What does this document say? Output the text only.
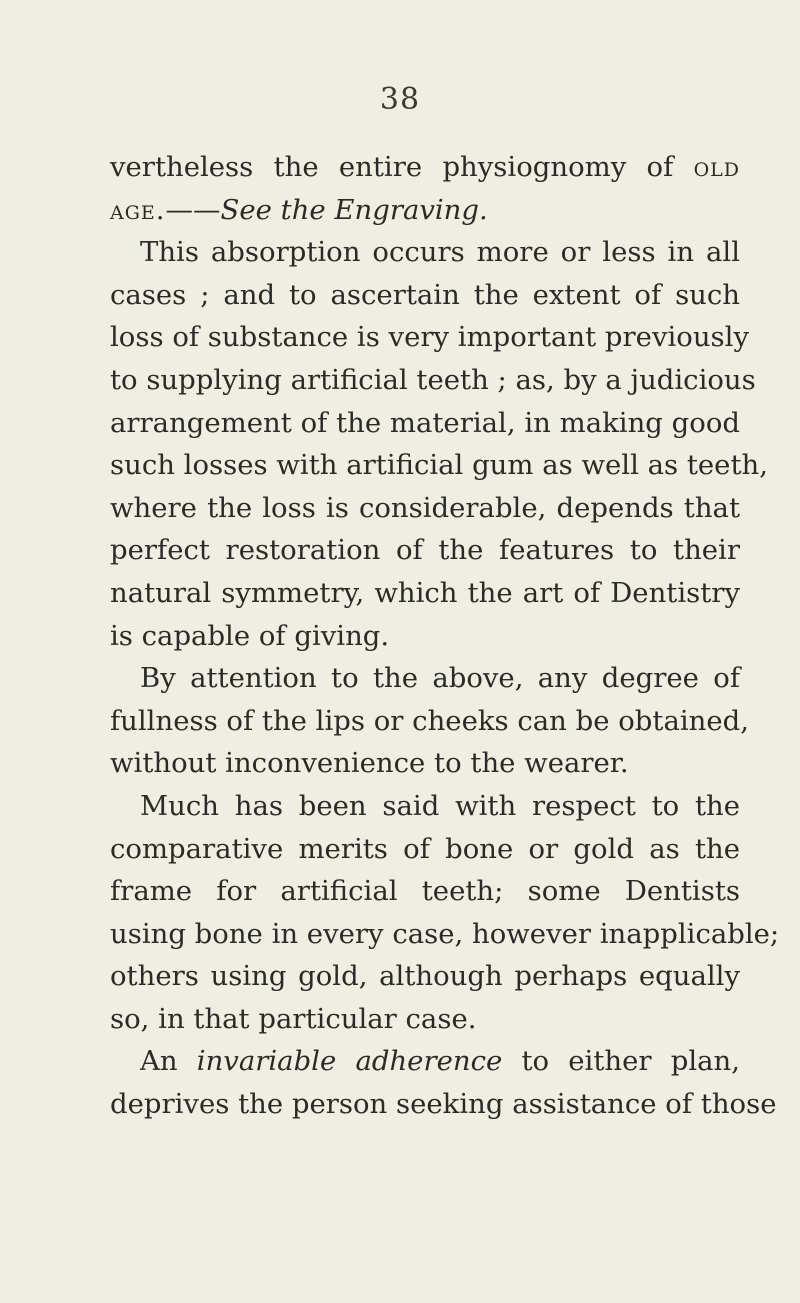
38
vertheless the entire physiognomy of old
age.——See the Engraving.
This absorption occurs more or less in all
cases ; and to ascertain the extent of such
loss of substance is very important previously
to supplying artificial teeth ; as, by a judicious
arrangement of the material, in making good
such losses with artificial gum as well as teeth,
where the loss is considerable, depends that
perfect restoration of the features to their
natural symmetry, which the art of Dentistry
is capable of giving.
By attention to the above, any degree of
fullness of the lips or cheeks can be obtained,
without inconvenience to the wearer.
Much has been said with respect to the
comparative merits of bone or gold as the
frame for artificial teeth; some Dentists
using bone in every case, however inapplicable;
others using gold, although perhaps equally
so, in that particular case.
An invariable adherence to either plan,
deprives the person seeking assistance of those
